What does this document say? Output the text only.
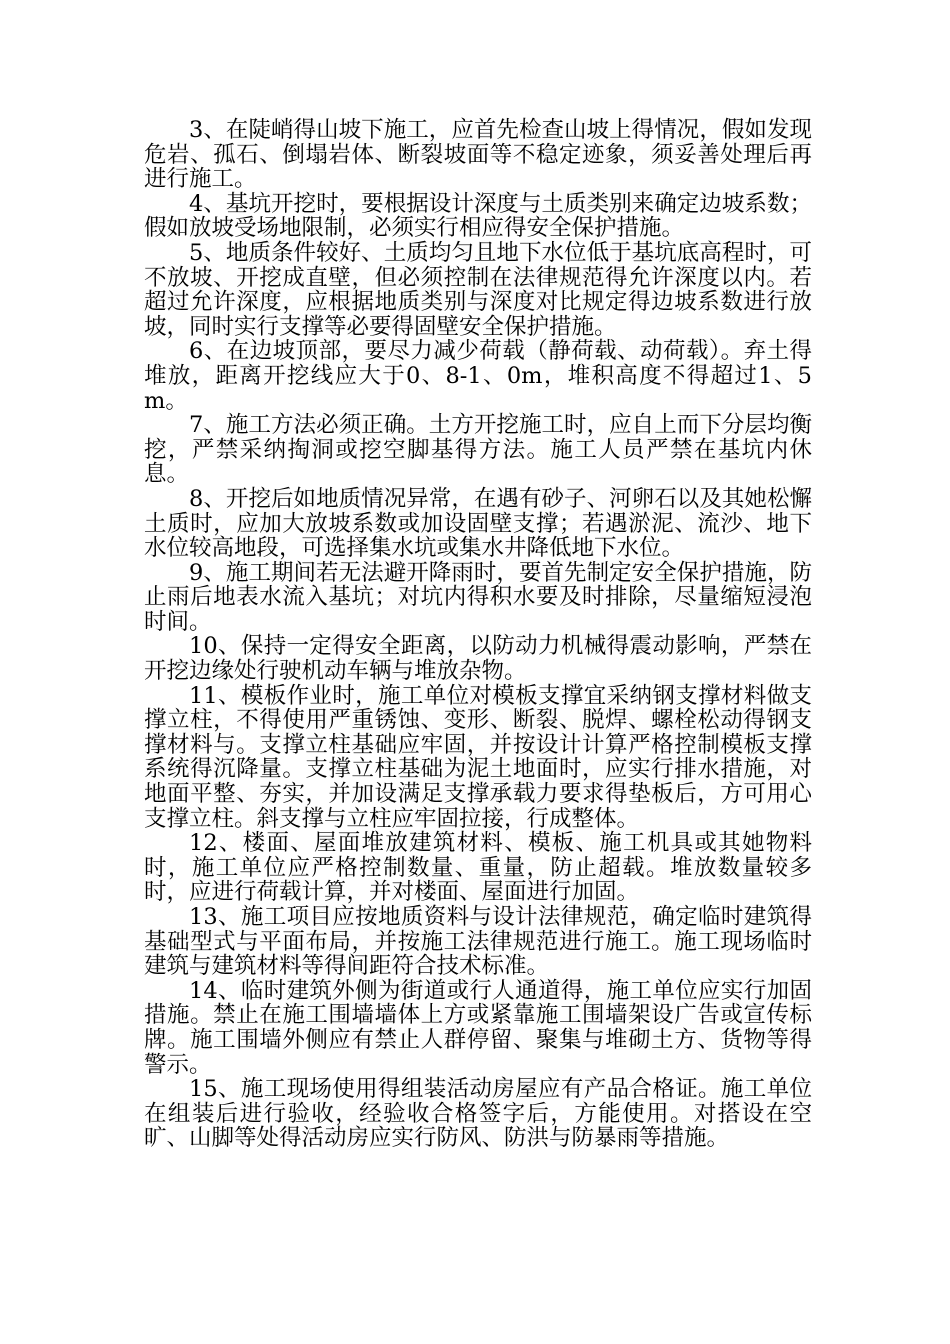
3、在陡峭得山坡下施工，应首先检查山坡上得情况，假如发现危岩、孤石、倒塌岩体、断裂坡面等不稳定迹象，须妥善处理后再进行施工。

4、基坑开挖时，要根据设计深度与土质类别来确定边坡系数；假如放坡受场地限制，必须实行相应得安全保护措施。

5、地质条件较好、土质均匀且地下水位低于基坑底高程时，可不放坡、开挖成直壁，但必须控制在法律规范得允许深度以内。若超过允许深度，应根据地质类别与深度对比规定得边坡系数进行放坡，同时实行支撑等必要得固壁安全保护措施。

6、在边坡顶部，要尽力减少荷载（静荷载、动荷载）。弃土得堆放，距离开挖线应大于0、8-1、0m，堆积高度不得超过1、5m。

7、施工方法必须正确。土方开挖施工时，应自上而下分层均衡挖，严禁采纳掏洞或挖空脚基得方法。施工人员严禁在基坑内休息。

8、开挖后如地质情况异常，在遇有砂子、河卵石以及其她松懈土质时，应加大放坡系数或加设固壁支撑；若遇淤泥、流沙、地下水位较高地段，可选择集水坑或集水井降低地下水位。

9、施工期间若无法避开降雨时，要首先制定安全保护措施，防止雨后地表水流入基坑；对坑内得积水要及时排除，尽量缩短浸泡时间。

10、保持一定得安全距离，以防动力机械得震动影响，严禁在开挖边缘处行驶机动车辆与堆放杂物。

11、模板作业时，施工单位对模板支撑宜采纳钢支撑材料做支撑立柱，不得使用严重锈蚀、变形、断裂、脱焊、螺栓松动得钢支撑材料与。支撑立柱基础应牢固，并按设计计算严格控制模板支撑系统得沉降量。支撑立柱基础为泥土地面时，应实行排水措施，对地面平整、夯实，并加设满足支撑承载力要求得垫板后，方可用心支撑立柱。斜支撑与立柱应牢固拉接，行成整体。

12、楼面、屋面堆放建筑材料、模板、施工机具或其她物料时，施工单位应严格控制数量、重量，防止超载。堆放数量较多时，应进行荷载计算，并对楼面、屋面进行加固。

13、施工项目应按地质资料与设计法律规范，确定临时建筑得基础型式与平面布局，并按施工法律规范进行施工。施工现场临时建筑与建筑材料等得间距符合技术标准。

14、临时建筑外侧为街道或行人通道得，施工单位应实行加固措施。禁止在施工围墙墙体上方或紧靠施工围墙架设广告或宣传标牌。施工围墙外侧应有禁止人群停留、聚集与堆砌土方、货物等得警示。

15、施工现场使用得组装活动房屋应有产品合格证。施工单位在组装后进行验收，经验收合格签字后，方能使用。对搭设在空旷、山脚等处得活动房应实行防风、防洪与防暴雨等措施。
